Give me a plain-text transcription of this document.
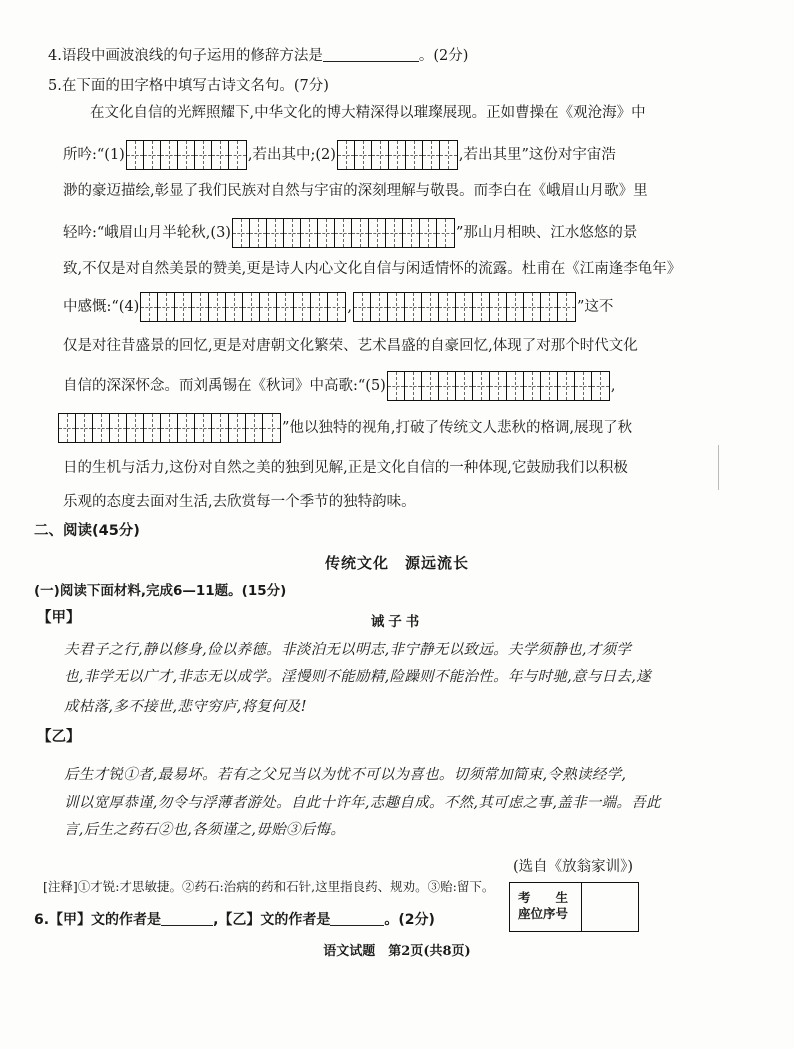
4.语段中画波浪线的句子运用的修辞方法是	。(2分)
5.在下面的田字格中填写古诗文名句。(7分)
在文化自信的光辉照耀下,中华文化的博大精深得以璀璨展现。正如曹操在《观沧海》中
所吟:“(1)	,若出其中;(2)	,若出其里”这份对宇宙浩
渺的豪迈描绘,彰显了我们民族对自然与宇宙的深刻理解与敬畏。而李白在《峨眉山月歌》里
轻吟:“峨眉山月半轮秋,(3)	”那山月相映、江水悠悠的景
致,不仅是对自然美景的赞美,更是诗人内心文化自信与闲适情怀的流露。杜甫在《江南逢李龟年》
中感慨:“(4)	,	”这不
仅是对往昔盛景的回忆,更是对唐朝文化繁荣、艺术昌盛的自豪回忆,体现了对那个时代文化
自信的深深怀念。而刘禹锡在《秋词》中高歌:“(5)	,
”他以独特的视角,打破了传统文人悲秋的格调,展现了秋
日的生机与活力,这份对自然之美的独到见解,正是文化自信的一种体现,它鼓励我们以积极
乐观的态度去面对生活,去欣赏每一个季节的独特韵味。
二、阅读(45分)
传统文化　源远流长
(一)阅读下面材料,完成6—11题。(15分)
【甲】	诫子书
夫君子之行,静以修身,俭以养德。非淡泊无以明志,非宁静无以致远。夫学须静也,才须学
也,非学无以广才,非志无以成学。淫慢则不能励精,险躁则不能治性。年与时驰,意与日去,遂
成枯落,多不接世,悲守穷庐,将复何及!
【乙】
后生才锐①者,最易坏。若有之父兄当以为忧不可以为喜也。切须常加简束,令熟读经学,
训以宽厚恭谨,勿令与浮薄者游处。自此十许年,志趣自成。不然,其可虑之事,盖非一端。吾此
言,后生之药石②也,各须谨之,毋贻③后悔。
(选自《放翁家训》)
[注释]①才锐:才思敏捷。②药石:治病的药和石针,这里指良药、规劝。③贻:留下。
6.【甲】文的作者是	,【乙】文的作者是	。(2分)
考　　生
座位序号
语文试题　第2页(共8页)
